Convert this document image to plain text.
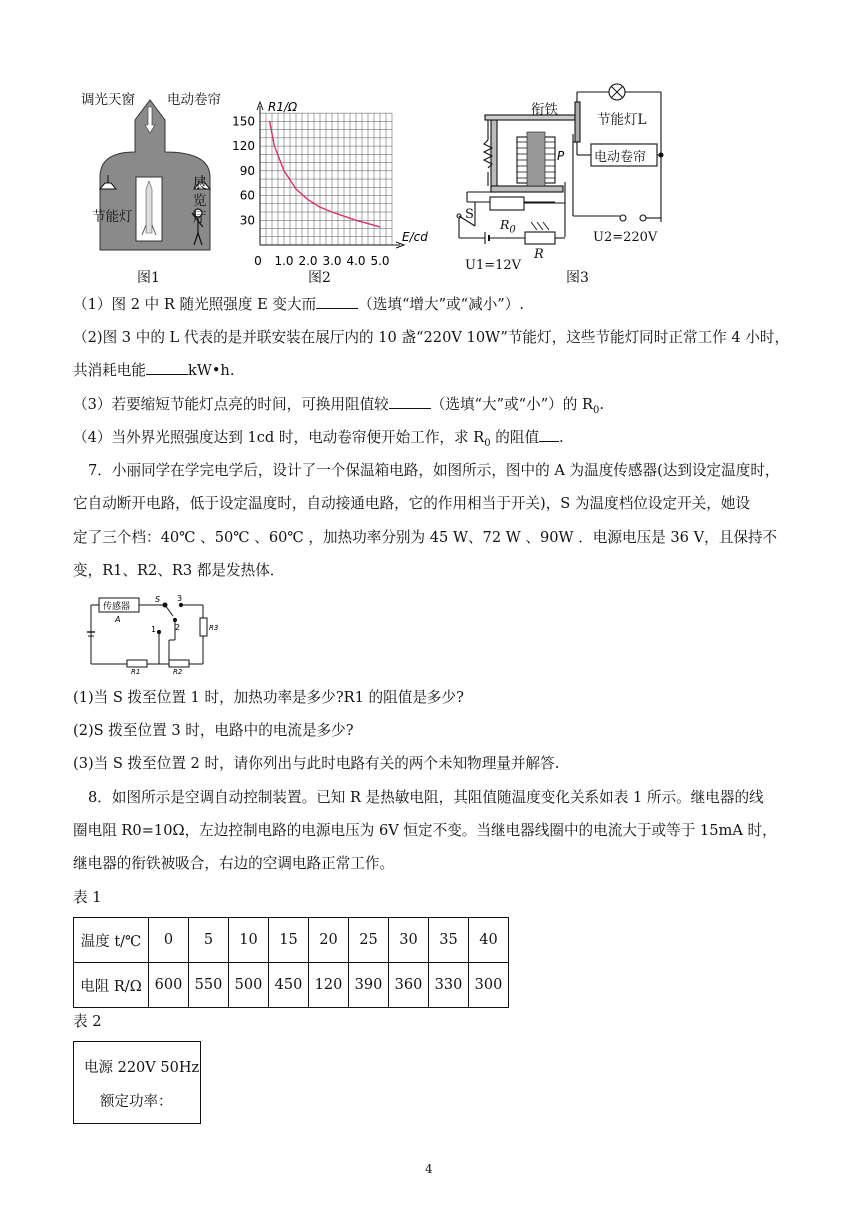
调光天窗 电动卷帘
节能灯
展
览
厅
图1
150
120
90
60
30
0 1.0 2.0 3.0 4.0 5.0
R1/Ω
E/cd
图2
P
衔铁
节能灯L
电动卷帘
S
$R_0$
R
U1=12V
U2=220V
图3
（1）图 2 中 R 随光照强度 E 变大而	（选填“增大”或“减小”）.
（2)图 3 中的 L 代表的是并联安装在展厅内的 10 盏“220V 10W”节能灯，这些节能灯同时正常工作 4 小时，
共消耗电能	kW•h.
（3）若要缩短节能灯点亮的时间，可换用阻值较	（选填“大”或“小”）的 $R_0$.
（4）当外界光照强度达到 1cd 时，电动卷帘便开始工作，求 $R_0$ 的阻值 .
7．小丽同学在学完电学后，设计了一个保温箱电路，如图所示，图中的 A 为温度传感器(达到设定温度时，
它自动断开电路，低于设定温度时，自动接通电路，它的作用相当于开关)，S 为温度档位设定开关，她设
定了三个档：40℃ 、50℃ 、60℃ ，加热功率分别为 45 W、72 W 、90W ．电源电压是 36 V，且保持不
变，R1、R2、R3 都是发热体．
传感器
A
S 3
1 2
R1	R2
R3
(1)当 S 拨至位置 1 时，加热功率是多少?R1 的阻值是多少?
(2)S 拨至位置 3 时，电路中的电流是多少?
(3)当 S 拨至位置 2 时，请你列出与此时电路有关的两个未知物理量并解答.
8．如图所示是空调自动控制装置。已知 R 是热敏电阻，其阻值随温度变化关系如表 1 所示。继电器的线
圈电阻 R0=10Ω，左边控制电路的电源电压为 6V 恒定不变。当继电器线圈中的电流大于或等于 15mA 时，
继电器的衔铁被吸合，右边的空调电路正常工作。
表 1
温度 t/℃	0	5	10	15	20	25	30	35	40
电阻 R/Ω	600	550	500	450	120	390	360	330	300
表 2
电源 220V 50Hz
额定功率：
4
